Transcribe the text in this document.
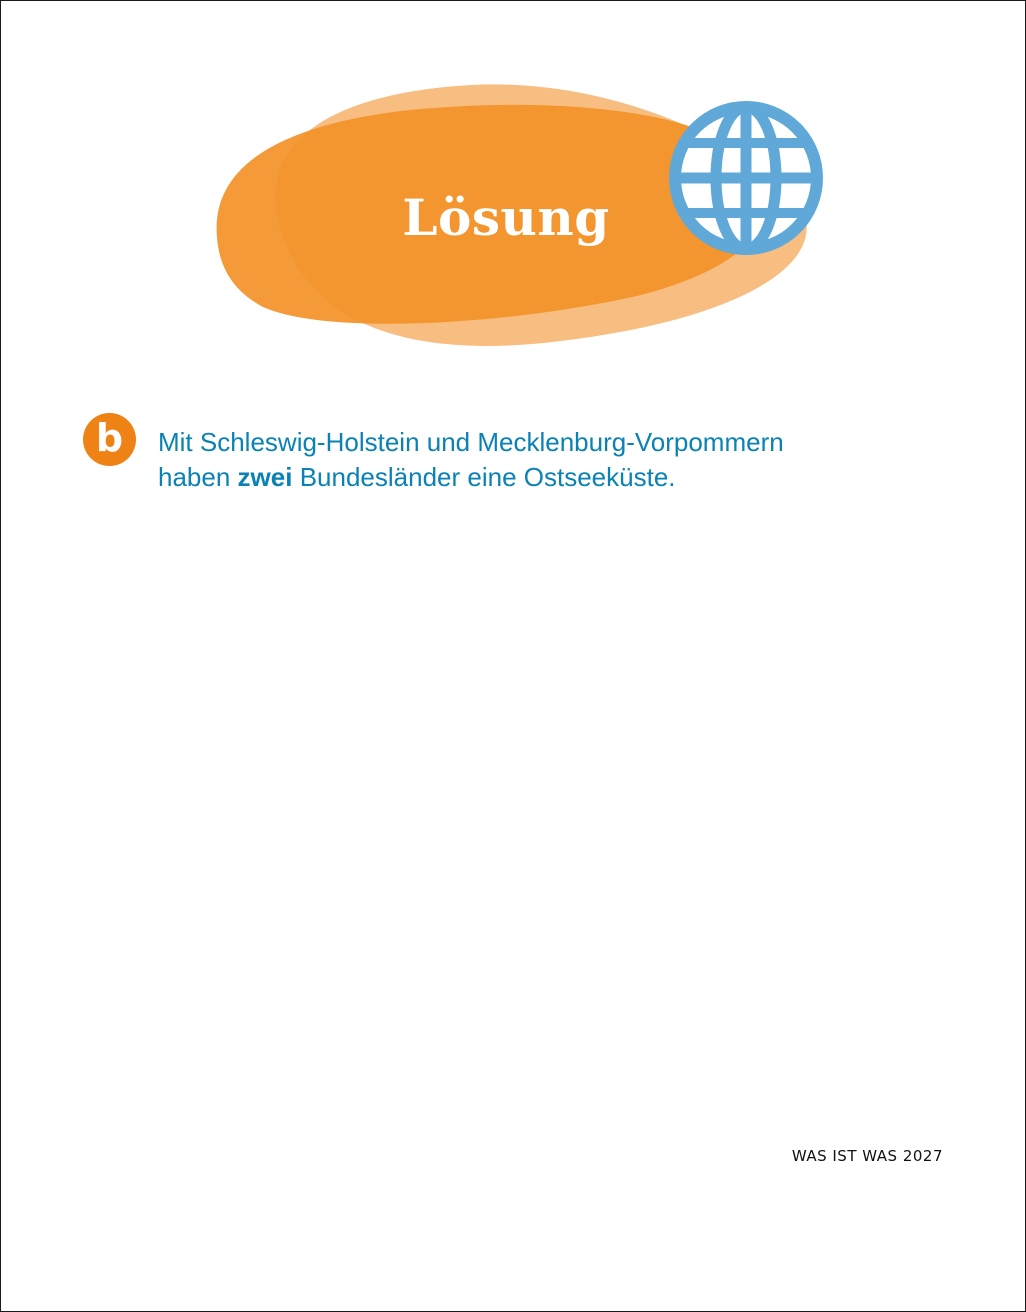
Lösung
b	Mit Schleswig-Holstein und Mecklenburg-Vorpommern
haben zwei Bundesländer eine Ostseeküste.
WAS IST WAS 2027
